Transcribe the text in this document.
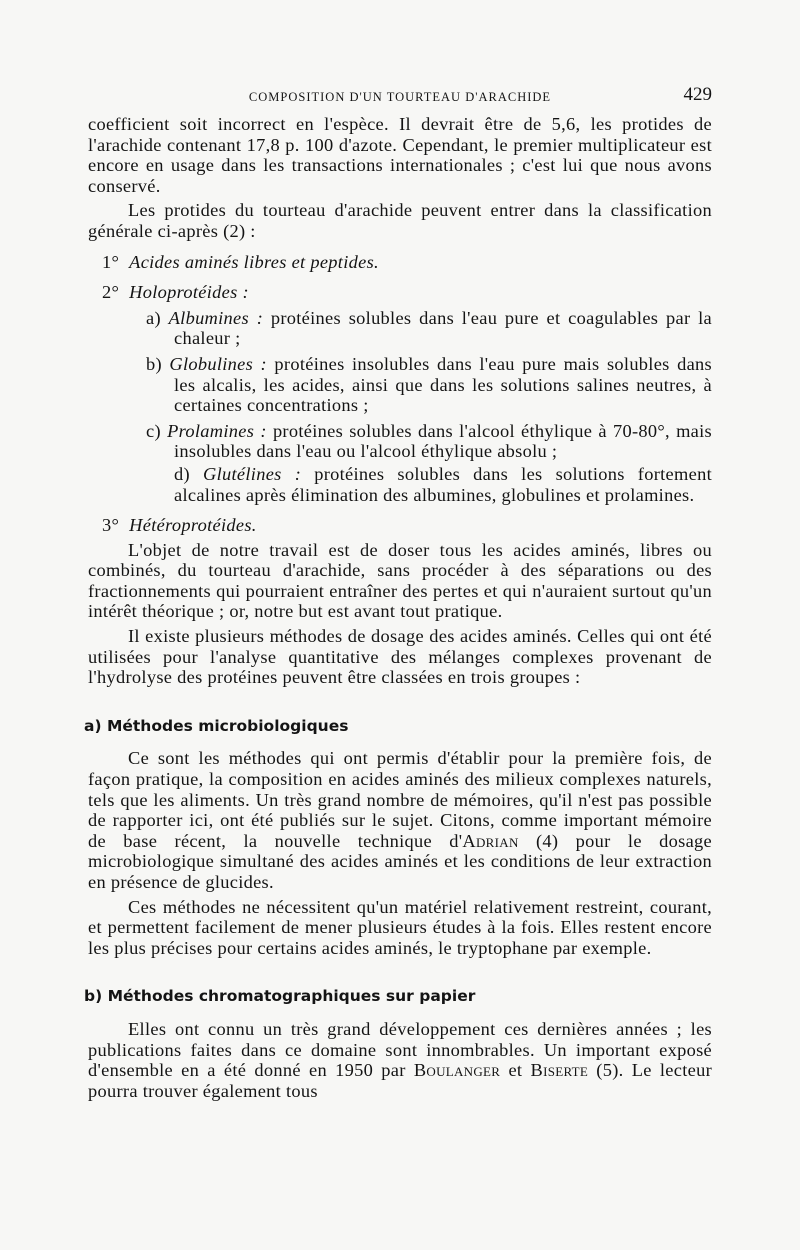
COMPOSITION D'UN TOURTEAU D'ARACHIDE	429

coefficient soit incorrect en l'espèce. Il devrait être de 5,6, les protides de l'arachide contenant 17,8 p. 100 d'azote. Cependant, le premier multiplicateur est encore en usage dans les transactions internationales ; c'est lui que nous avons conservé.

Les protides du tourteau d'arachide peuvent entrer dans la classification générale ci-après (2) :

1° Acides aminés libres et peptides.

2° Holoprotéides :

a) Albumines : protéines solubles dans l'eau pure et coagulables par la chaleur ;

b) Globulines : protéines insolubles dans l'eau pure mais solubles dans les alcalis, les acides, ainsi que dans les solutions salines neutres, à certaines concentrations ;

c) Prolamines : protéines solubles dans l'alcool éthylique à 70-80°, mais insolubles dans l'eau ou l'alcool éthylique absolu ;

d) Glutélines : protéines solubles dans les solutions fortement alcalines après élimination des albumines, globulines et prolamines.

3° Hétéroprotéides.

L'objet de notre travail est de doser tous les acides aminés, libres ou combinés, du tourteau d'arachide, sans procéder à des séparations ou des fractionnements qui pourraient entraîner des pertes et qui n'auraient surtout qu'un intérêt théorique ; or, notre but est avant tout pratique.

Il existe plusieurs méthodes de dosage des acides aminés. Celles qui ont été utilisées pour l'analyse quantitative des mélanges complexes provenant de l'hydrolyse des protéines peuvent être classées en trois groupes :

a) Méthodes microbiologiques

Ce sont les méthodes qui ont permis d'établir pour la première fois, de façon pratique, la composition en acides aminés des milieux complexes naturels, tels que les aliments. Un très grand nombre de mémoires, qu'il n'est pas possible de rapporter ici, ont été publiés sur le sujet. Citons, comme important mémoire de base récent, la nouvelle technique d'Adrian (4) pour le dosage microbiologique simultané des acides aminés et les conditions de leur extraction en présence de glucides.

Ces méthodes ne nécessitent qu'un matériel relativement restreint, courant, et permettent facilement de mener plusieurs études à la fois. Elles restent encore les plus précises pour certains acides aminés, le tryptophane par exemple.

b) Méthodes chromatographiques sur papier

Elles ont connu un très grand développement ces dernières années ; les publications faites dans ce domaine sont innombrables. Un important exposé d'ensemble en a été donné en 1950 par Boulanger et Biserte (5). Le lecteur pourra trouver également tous
